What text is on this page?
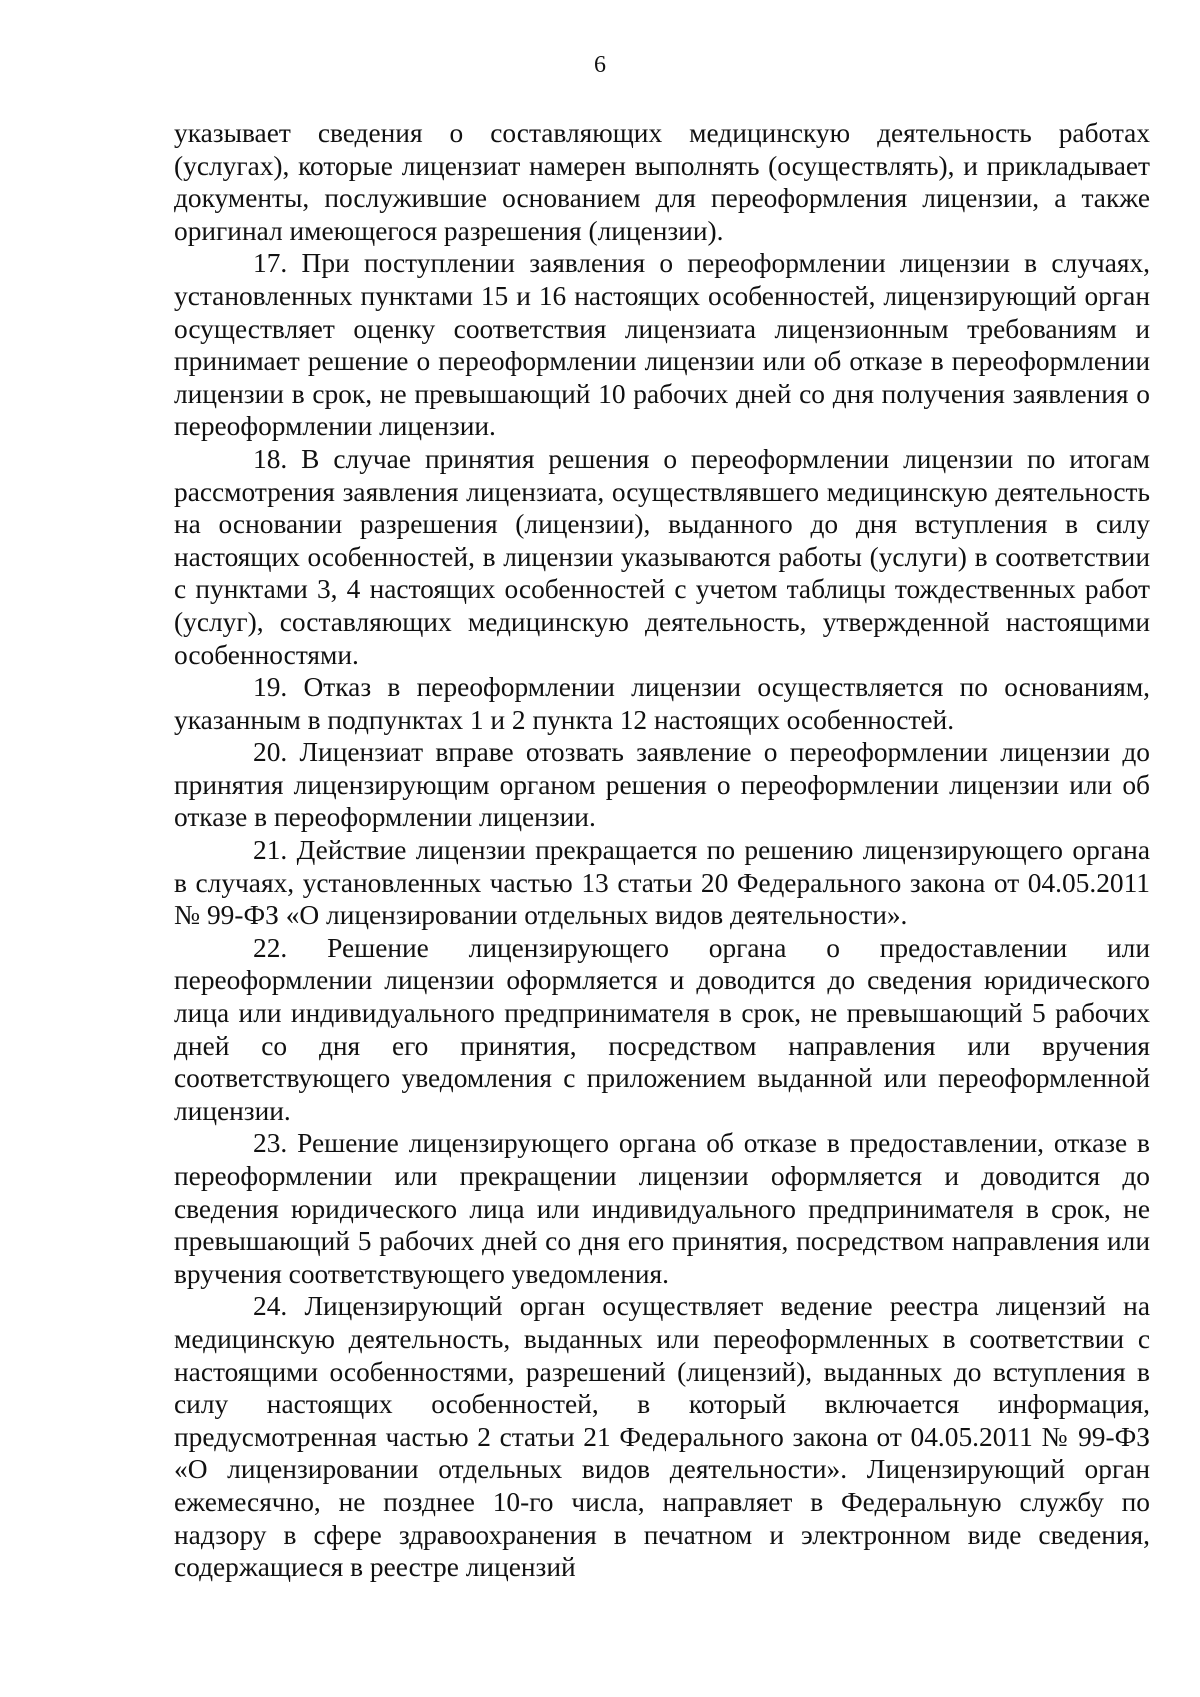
6

указывает сведения о составляющих медицинскую деятельность работах (услугах), которые лицензиат намерен выполнять (осуществлять), и прикладывает документы, послужившие основанием для переоформления лицензии, а также оригинал имеющегося разрешения (лицензии).

17. При поступлении заявления о переоформлении лицензии в случаях, установленных пунктами 15 и 16 настоящих особенностей, лицензирующий орган осуществляет оценку соответствия лицензиата лицензионным требованиям и принимает решение о переоформлении лицензии или об отказе в переоформлении лицензии в срок, не превышающий 10 рабочих дней со дня получения заявления о переоформлении лицензии.

18. В случае принятия решения о переоформлении лицензии по итогам рассмотрения заявления лицензиата, осуществлявшего медицинскую деятельность на основании разрешения (лицензии), выданного до дня вступления в силу настоящих особенностей, в лицензии указываются работы (услуги) в соответствии с пунктами 3, 4 настоящих особенностей с учетом таблицы тождественных работ (услуг), составляющих медицинскую деятельность, утвержденной настоящими особенностями.

19. Отказ в переоформлении лицензии осуществляется по основаниям, указанным в подпунктах 1 и 2 пункта 12 настоящих особенностей.

20. Лицензиат вправе отозвать заявление о переоформлении лицензии до принятия лицензирующим органом решения о переоформлении лицензии или об отказе в переоформлении лицензии.

21. Действие лицензии прекращается по решению лицензирующего органа в случаях, установленных частью 13 статьи 20 Федерального закона от 04.05.2011 № 99-ФЗ «О лицензировании отдельных видов деятельности».

22. Решение лицензирующего органа о предоставлении или переоформлении лицензии оформляется и доводится до сведения юридического лица или индивидуального предпринимателя в срок, не превышающий 5 рабочих дней со дня его принятия, посредством направления или вручения соответствующего уведомления с приложением выданной или переоформленной лицензии.

23. Решение лицензирующего органа об отказе в предоставлении, отказе в переоформлении или прекращении лицензии оформляется и доводится до сведения юридического лица или индивидуального предпринимателя в срок, не превышающий 5 рабочих дней со дня его принятия, посредством направления или вручения соответствующего уведомления.

24. Лицензирующий орган осуществляет ведение реестра лицензий на медицинскую деятельность, выданных или переоформленных в соответствии с настоящими особенностями, разрешений (лицензий), выданных до вступления в силу настоящих особенностей, в который включается информация, предусмотренная частью 2 статьи 21 Федерального закона от 04.05.2011 № 99-ФЗ «О лицензировании отдельных видов деятельности». Лицензирующий орган ежемесячно, не позднее 10-го числа, направляет в Федеральную службу по надзору в сфере здравоохранения в печатном и электронном виде сведения, содержащиеся в реестре лицензий
